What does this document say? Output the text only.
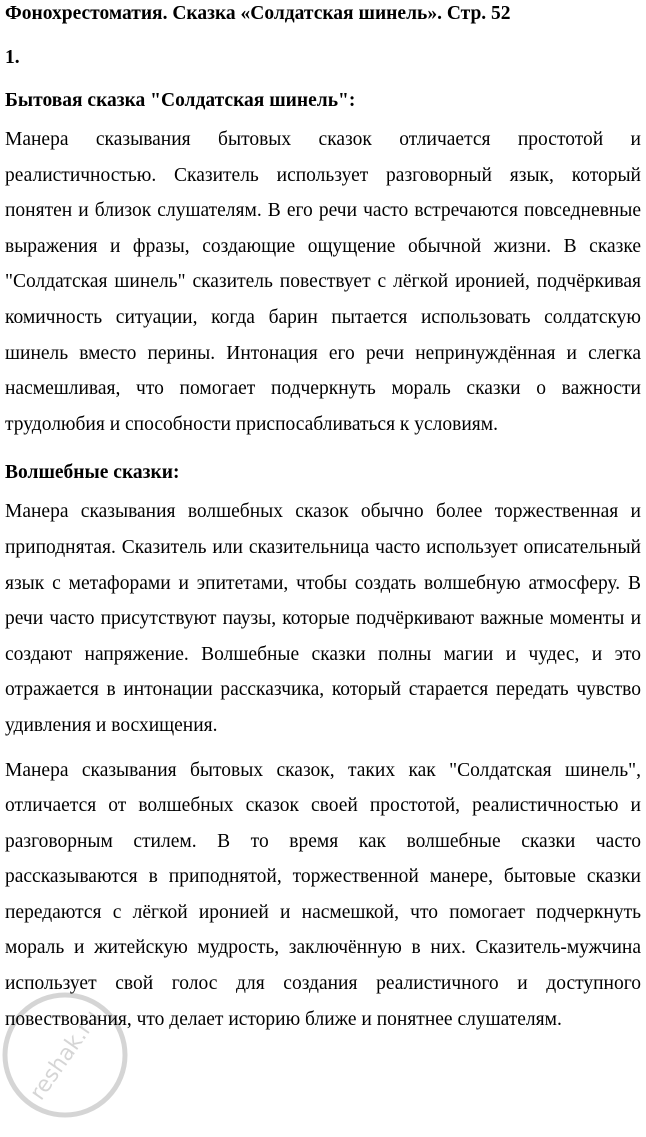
Фонохрестоматия. Сказка «Солдатская шинель». Стр. 52
1.
Бытовая сказка "Солдатская шинель":

Манера сказывания бытовых сказок отличается простотой и реалистичностью. Сказитель использует разговорный язык, который понятен и близок слушателям. В его речи часто встречаются повседневные выражения и фразы, создающие ощущение обычной жизни. В сказке "Солдатская шинель" сказитель повествует с лёгкой иронией, подчёркивая комичность ситуации, когда барин пытается использовать солдатскую шинель вместо перины. Интонация его речи непринуждённая и слегка насмешливая, что помогает подчеркнуть мораль сказки о важности трудолюбия и способности приспосабливаться к условиям.

Волшебные сказки:

Манера сказывания волшебных сказок обычно более торжественная и приподнятая. Сказитель или сказительница часто использует описательный язык с метафорами и эпитетами, чтобы создать волшебную атмосферу. В речи часто присутствуют паузы, которые подчёркивают важные моменты и создают напряжение. Волшебные сказки полны магии и чудес, и это отражается в интонации рассказчика, который старается передать чувство удивления и восхищения.

Манера сказывания бытовых сказок, таких как "Солдатская шинель", отличается от волшебных сказок своей простотой, реалистичностью и разговорным стилем. В то время как волшебные сказки часто рассказываются в приподнятой, торжественной манере, бытовые сказки передаются с лёгкой иронией и насмешкой, что помогает подчеркнуть мораль и житейскую мудрость, заключённую в них. Сказитель-мужчина использует свой голос для создания реалистичного и доступного повествования, что делает историю ближе и понятнее слушателям.

reshak.ru
